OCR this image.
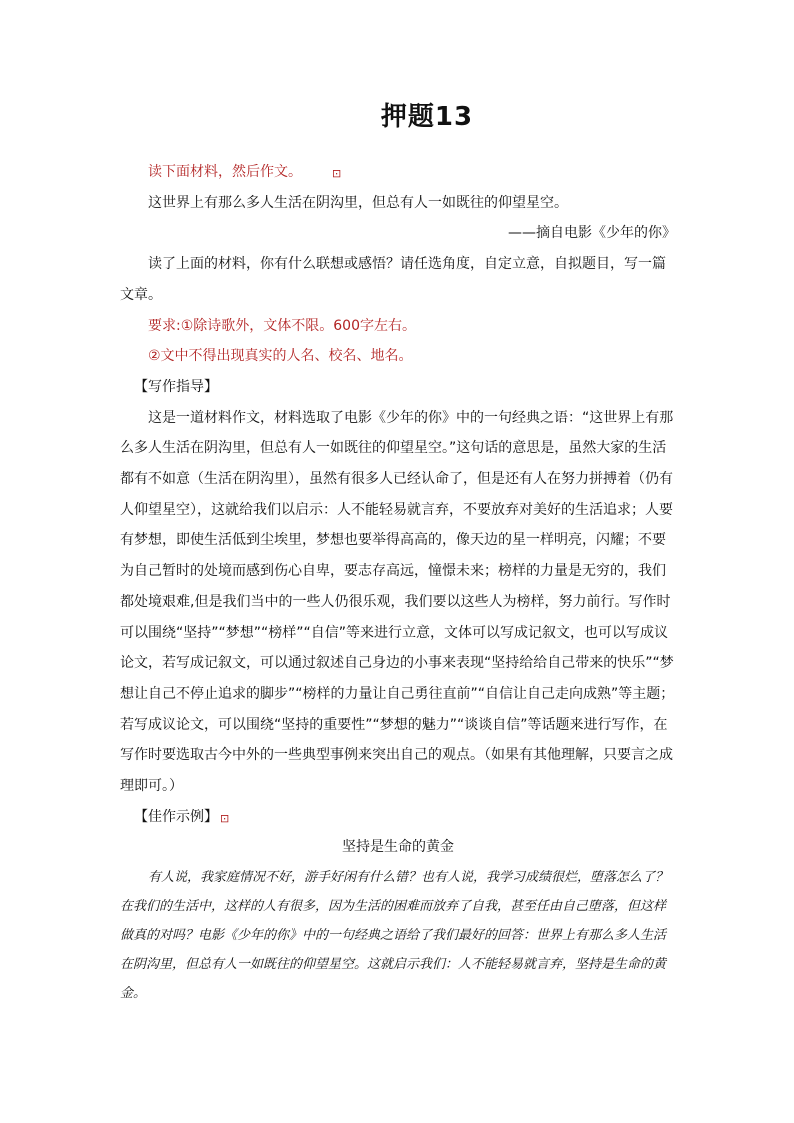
押题13

读下面材料，然后作文。	⊡

这世界上有那么多人生活在阴沟里，但总有人一如既往的仰望星空。

——摘自电影《少年的你》

读了上面的材料，你有什么联想或感悟？请任选角度，自定立意，自拟题目，写一篇文章。

要求:①除诗歌外，文体不限。600字左右。

②文中不得出现真实的人名、校名、地名。

【写作指导】

这是一道材料作文，材料选取了电影《少年的你》中的一句经典之语：“这世界上有那么多人生活在阴沟里，但总有人一如既往的仰望星空。”这句话的意思是，虽然大家的生活都有不如意（生活在阴沟里），虽然有很多人已经认命了，但是还有人在努力拼搏着（仍有人仰望星空），这就给我们以启示：人不能轻易就言弃，不要放弃对美好的生活追求；人要有梦想，即使生活低到尘埃里，梦想也要举得高高的，像天边的星一样明亮，闪耀；不要为自己暂时的处境而感到伤心自卑，要志存高远，憧憬未来；榜样的力量是无穷的，我们都处境艰难,但是我们当中的一些人仍很乐观，我们要以这些人为榜样，努力前行。写作时可以围绕“坚持”“梦想”“榜样”“自信”等来进行立意，文体可以写成记叙文，也可以写成议论文，若写成记叙文，可以通过叙述自己身边的小事来表现“坚持给给自己带来的快乐”“梦想让自己不停止追求的脚步”“榜样的力量让自己勇往直前”“自信让自己走向成熟”等主题；若写成议论文，可以围绕“坚持的重要性”“梦想的魅力”“谈谈自信”等话题来进行写作，在写作时要选取古今中外的一些典型事例来突出自己的观点。（如果有其他理解，只要言之成理即可。）

【佳作示例】 ⊡

坚持是生命的黄金

有人说，我家庭情况不好，游手好闲有什么错？也有人说，我学习成绩很烂，堕落怎么了？在我们的生活中，这样的人有很多，因为生活的困难而放弃了自我，甚至任由自己堕落，但这样做真的对吗？电影《少年的你》中的一句经典之语给了我们最好的回答：世界上有那么多人生活在阴沟里，但总有人一如既往的仰望星空。这就启示我们：人不能轻易就言弃，坚持是生命的黄金。
